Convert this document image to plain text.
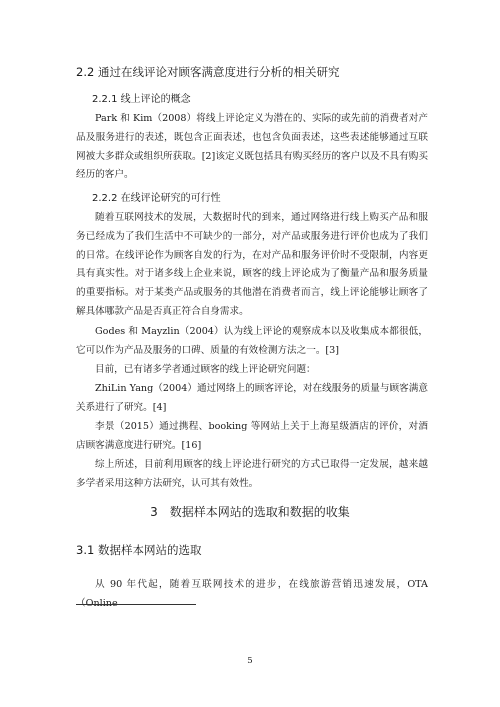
2.2 通过在线评论对顾客满意度进行分析的相关研究
2.2.1 线上评论的概念

Park 和 Kim（2008）将线上评论定义为潜在的、实际的或先前的消费者对产品及服务进行的表述，既包含正面表述，也包含负面表述，这些表述能够通过互联网被大多群众或组织所获取。[2]该定义既包括具有购买经历的客户以及不具有购买经历的客户。

2.2.2 在线评论研究的可行性

随着互联网技术的发展，大数据时代的到来，通过网络进行线上购买产品和服务已经成为了我们生活中不可缺少的一部分，对产品或服务进行评价也成为了我们的日常。在线评论作为顾客自发的行为，在对产品和服务评价时不受限制，内容更具有真实性。对于诸多线上企业来说，顾客的线上评论成为了衡量产品和服务质量的重要指标。对于某类产品或服务的其他潜在消费者而言，线上评论能够让顾客了解具体哪款产品是否真正符合自身需求。

Godes 和 Mayzlin（2004）认为线上评论的观察成本以及收集成本都很低，它可以作为产品及服务的口碑、质量的有效检测方法之一。[3]

目前，已有诸多学者通过顾客的线上评论研究问题：

ZhiLin Yang（2004）通过网络上的顾客评论，对在线服务的质量与顾客满意关系进行了研究。[4]

李景（2015）通过携程、booking 等网站上关于上海星级酒店的评价，对酒店顾客满意度进行研究。[16]

综上所述，目前利用顾客的线上评论进行研究的方式已取得一定发展，越来越多学者采用这种方法研究，认可其有效性。

3　数据样本网站的选取和数据的收集
3.1 数据样本网站的选取

从 90 年代起，随着互联网技术的进步，在线旅游营销迅速发展，OTA（Online

5
